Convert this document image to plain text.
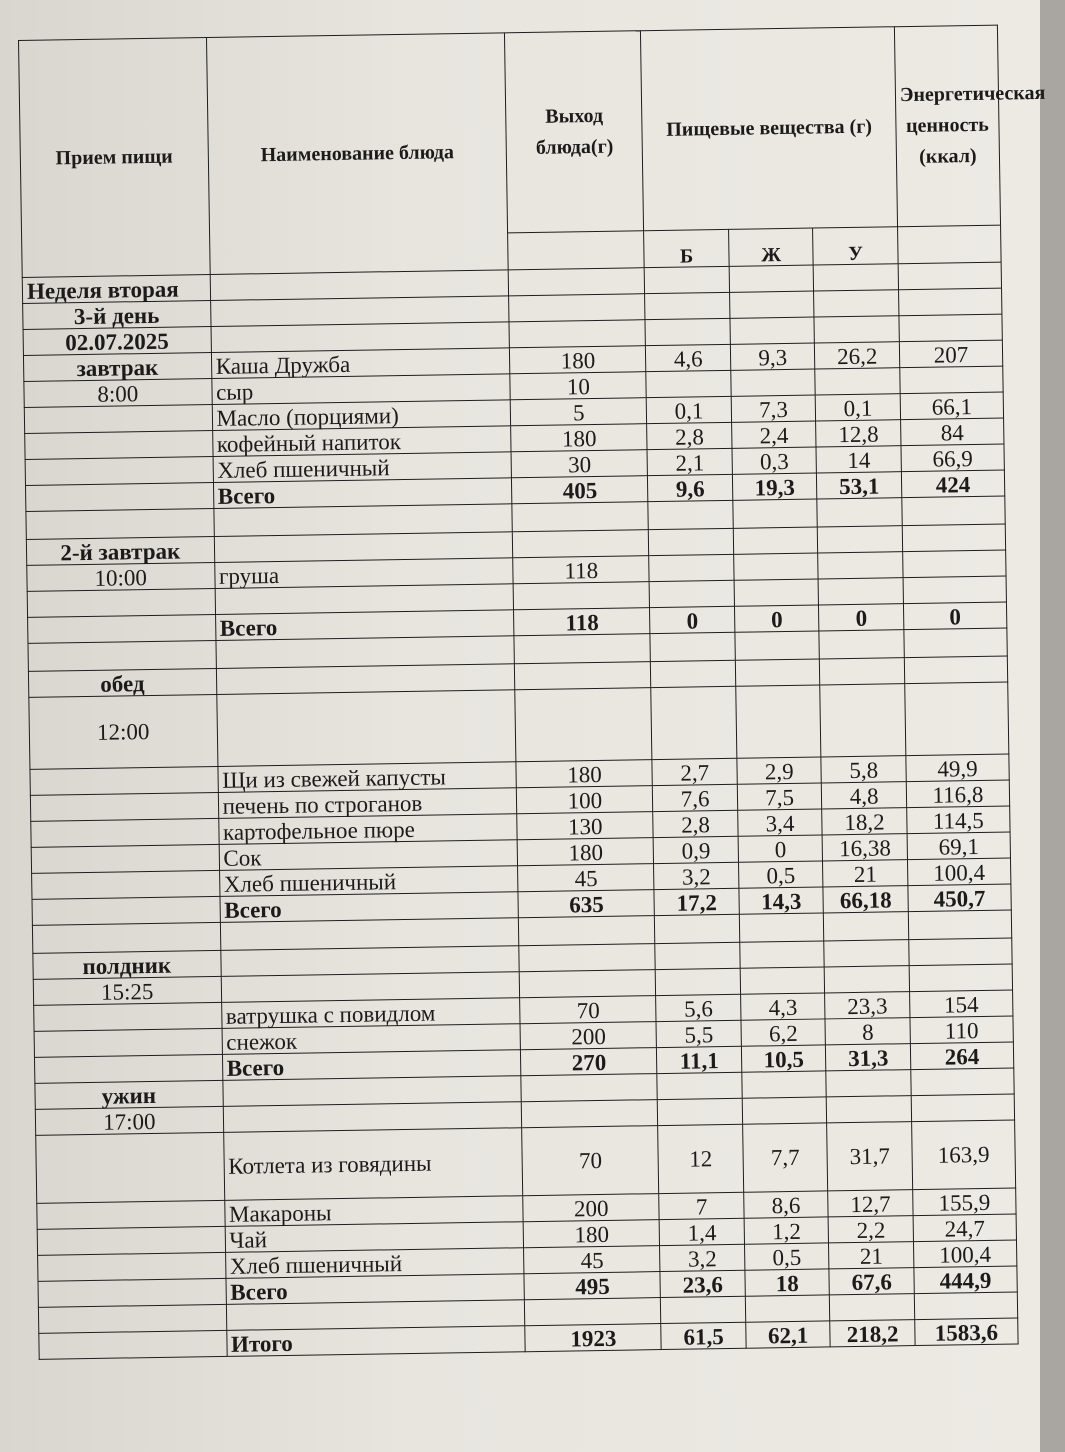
Прием пищи	Наименование блюда	Выход блюда(г)	Пищевые вещества (г)			Энергетическая ценность (ккал)
			Б	Ж	У	
Неделя вторая						
3-й день						
02.07.2025						
завтрак	Каша Дружба	180	4,6	9,3	26,2	207
8:00	сыр	10				
	Масло (порциями)	5	0,1	7,3	0,1	66,1
	кофейный напиток	180	2,8	2,4	12,8	84
	Хлеб пшеничный	30	2,1	0,3	14	66,9
	Всего	405	9,6	19,3	53,1	424

2-й завтрак						
10:00	груша	118				

	Всего	118	0	0	0	0

обед						
12:00						
	Щи из свежей капусты	180	2,7	2,9	5,8	49,9
	печень по строганов	100	7,6	7,5	4,8	116,8
	картофельное пюре	130	2,8	3,4	18,2	114,5
	Сок	180	0,9	0	16,38	69,1
	Хлеб пшеничный	45	3,2	0,5	21	100,4
	Всего	635	17,2	14,3	66,18	450,7

полдник						
15:25						
	ватрушка с повидлом	70	5,6	4,3	23,3	154
	снежок	200	5,5	6,2	8	110
	Всего	270	11,1	10,5	31,3	264
ужин						
17:00						
	Котлета из говядины	70	12	7,7	31,7	163,9
	Макароны	200	7	8,6	12,7	155,9
	Чай	180	1,4	1,2	2,2	24,7
	Хлеб пшеничный	45	3,2	0,5	21	100,4
	Всего	495	23,6	18	67,6	444,9

	Итого	1923	61,5	62,1	218,2	1583,6
